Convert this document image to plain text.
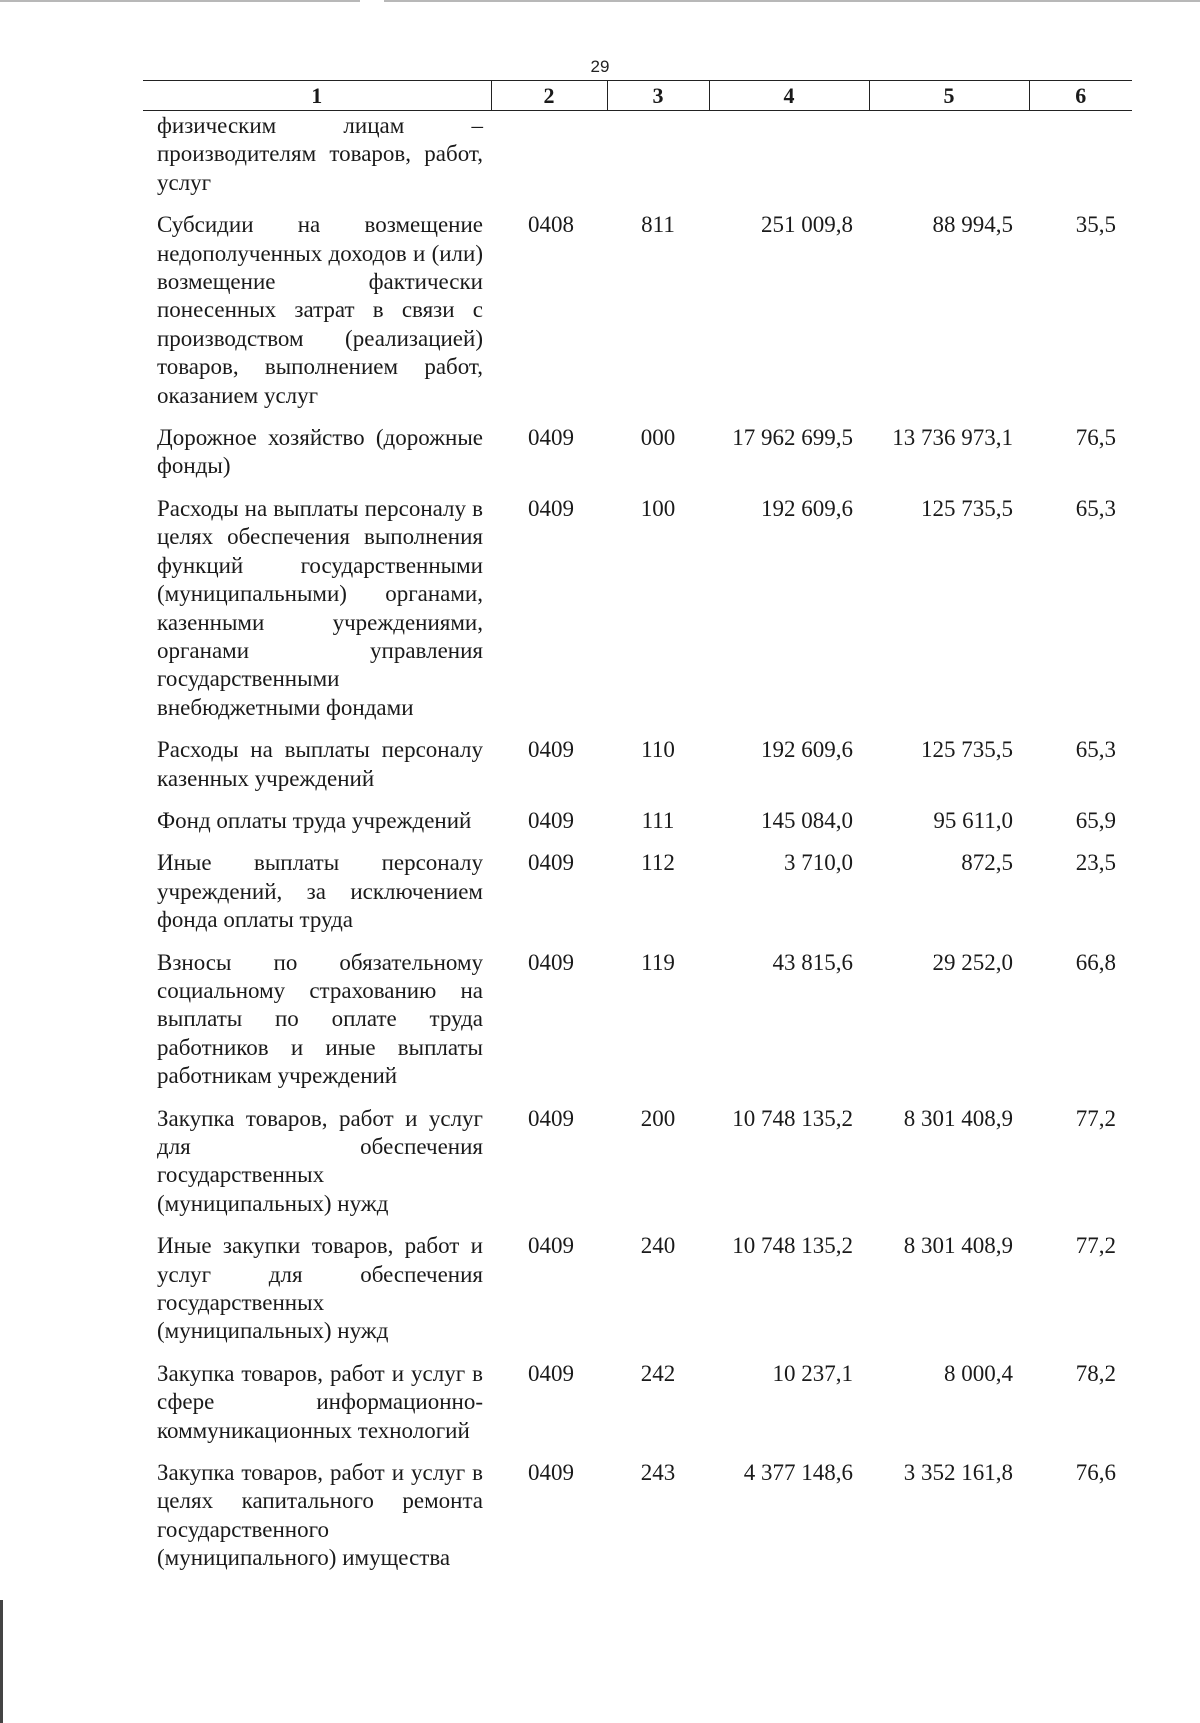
29
1	2	3	4	5	6
физическим лицам – производителям товаров, работ, услуг					
Субсидии на возмещение недополученных доходов и (или) возмещение фактически понесенных затрат в связи с производством (реализацией) товаров, выполнением работ, оказанием услуг	0408	811	251 009,8	88 994,5	35,5
Дорожное хозяйство (дорожные фонды)	0409	000	17 962 699,5	13 736 973,1	76,5
Расходы на выплаты персоналу в целях обеспечения выполнения функций государственными (муниципальными) органами, казенными учреждениями, органами управления государственными внебюджетными фондами	0409	100	192 609,6	125 735,5	65,3
Расходы на выплаты персоналу казенных учреждений	0409	110	192 609,6	125 735,5	65,3
Фонд оплаты труда учреждений	0409	111	145 084,0	95 611,0	65,9
Иные выплаты персоналу учреждений, за исключением фонда оплаты труда	0409	112	3 710,0	872,5	23,5
Взносы по обязательному социальному страхованию на выплаты по оплате труда работников и иные выплаты работникам учреждений	0409	119	43 815,6	29 252,0	66,8
Закупка товаров, работ и услуг для обеспечения государственных (муниципальных) нужд	0409	200	10 748 135,2	8 301 408,9	77,2
Иные закупки товаров, работ и услуг для обеспечения государственных (муниципальных) нужд	0409	240	10 748 135,2	8 301 408,9	77,2
Закупка товаров, работ и услуг в сфере информационно-коммуникационных технологий	0409	242	10 237,1	8 000,4	78,2
Закупка товаров, работ и услуг в целях капитального ремонта государственного (муниципального) имущества	0409	243	4 377 148,6	3 352 161,8	76,6
